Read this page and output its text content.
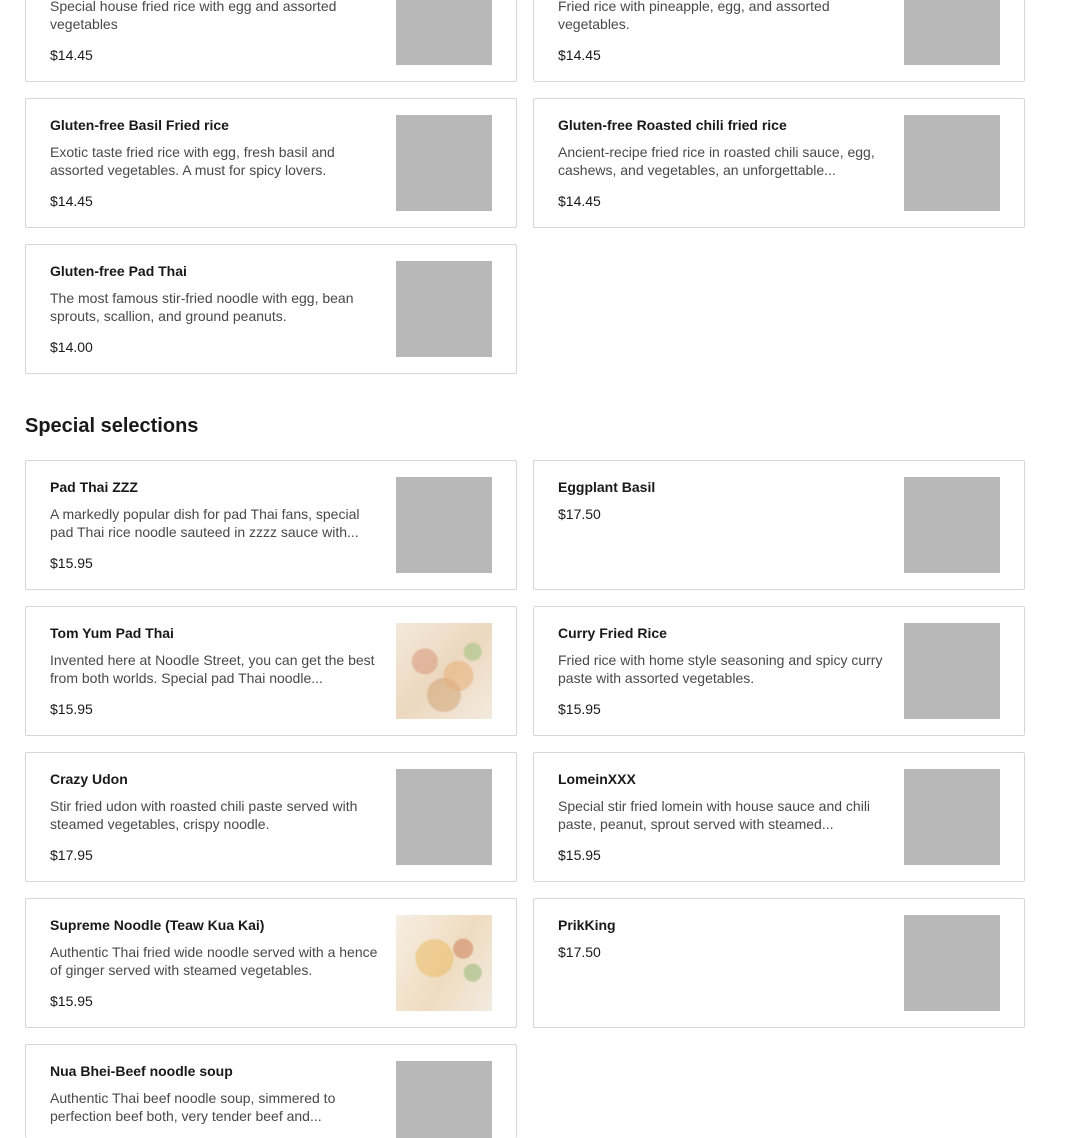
Special house fried rice with egg and assorted vegetables
$14.45
Fried rice with pineapple, egg, and assorted vegetables.
$14.45
Gluten-free Basil Fried rice
Exotic taste fried rice with egg, fresh basil and assorted vegetables. A must for spicy lovers.
$14.45
Gluten-free Roasted chili fried rice
Ancient-recipe fried rice in roasted chili sauce, egg, cashews, and vegetables, an unforgettable...
$14.45
Gluten-free Pad Thai
The most famous stir-fried noodle with egg, bean sprouts, scallion, and ground peanuts.
$14.00
Special selections
Pad Thai ZZZ
A markedly popular dish for pad Thai fans, special pad Thai rice noodle sauteed in zzzz sauce with...
$15.95
Eggplant Basil
$17.50
Tom Yum Pad Thai
Invented here at Noodle Street, you can get the best from both worlds. Special pad Thai noodle...
$15.95
Curry Fried Rice
Fried rice with home style seasoning and spicy curry paste with assorted vegetables.
$15.95
Crazy Udon
Stir fried udon with roasted chili paste served with steamed vegetables, crispy noodle.
$17.95
LomeinXXX
Special stir fried lomein with house sauce and chili paste, peanut, sprout served with steamed...
$15.95
Supreme Noodle (Teaw Kua Kai)
Authentic Thai fried wide noodle served with a hence of ginger served with steamed vegetables.
$15.95
PrikKing
$17.50
Nua Bhei-Beef noodle soup
Authentic Thai beef noodle soup, simmered to perfection beef both, very tender beef and...
